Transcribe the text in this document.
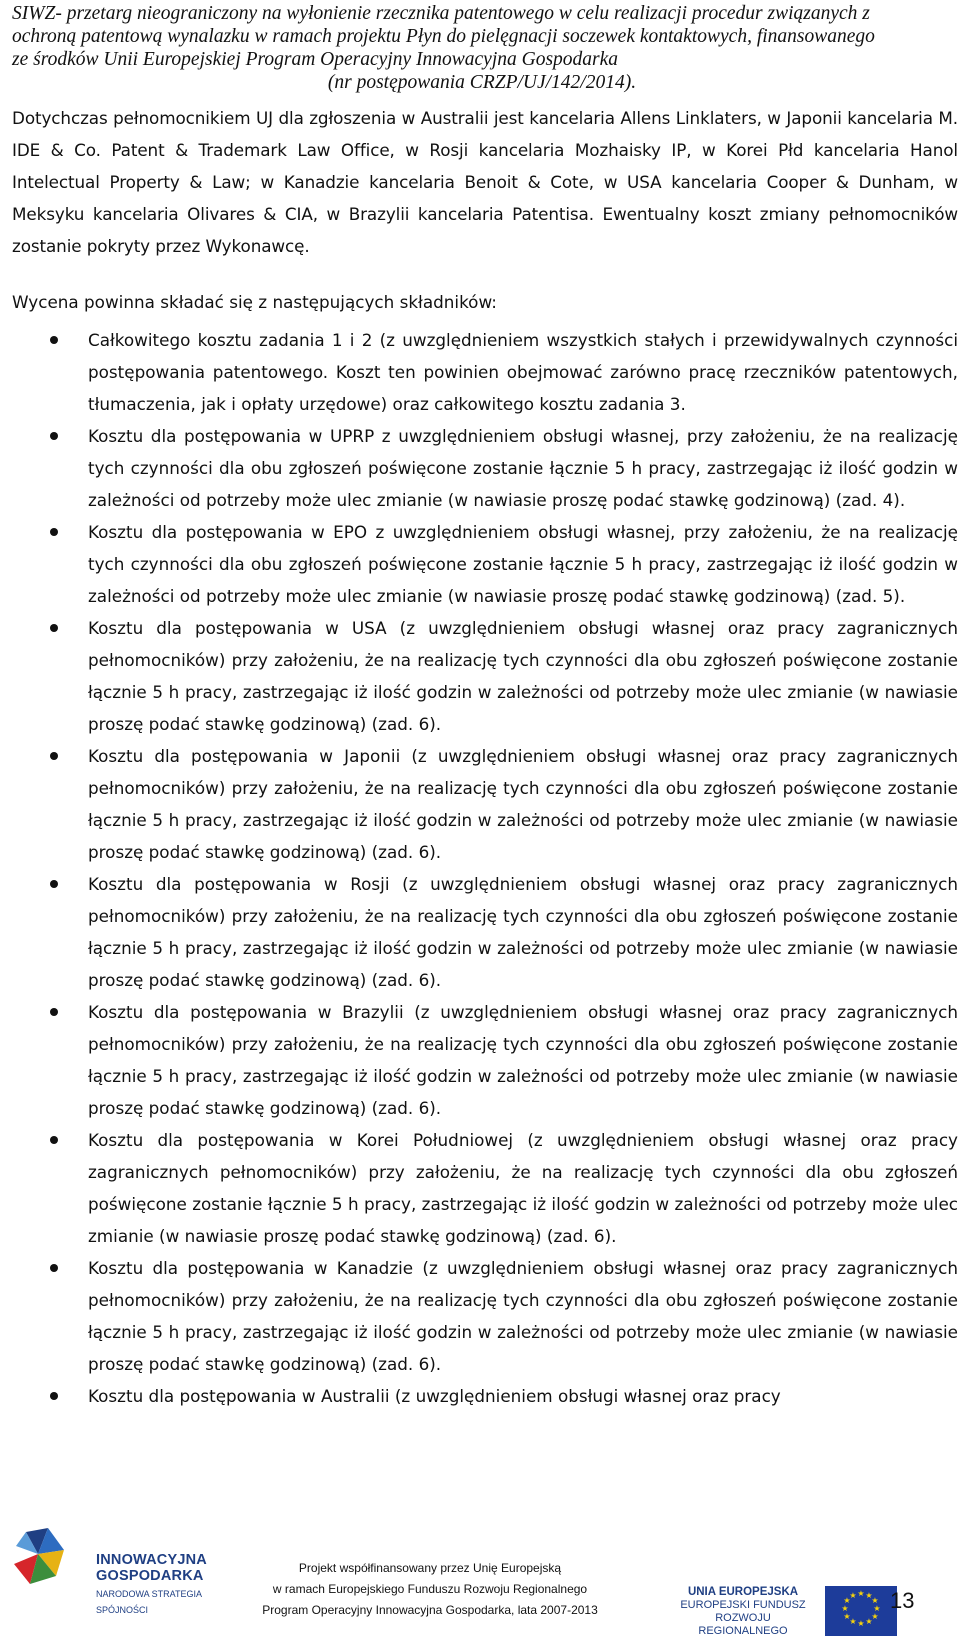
SIWZ- przetarg nieograniczony na wyłonienie rzecznika patentowego w celu realizacji procedur związanych z
ochroną patentową wynalazku w ramach projektu Płyn do pielęgnacji soczewek kontaktowych, finansowanego
ze środków Unii Europejskiej Program Operacyjny Innowacyjna Gospodarka
(nr postępowania CRZP/UJ/142/2014).

Dotychczas pełnomocnikiem UJ dla zgłoszenia w Australii jest kancelaria Allens Linklaters, w Japonii kancelaria M. IDE & Co. Patent & Trademark Law Office, w Rosji kancelaria Mozhaisky IP, w Korei Płd kancelaria Hanol Intelectual Property & Law; w Kanadzie kancelaria Benoit & Cote, w USA kancelaria Cooper & Dunham, w Meksyku kancelaria Olivares & CIA, w Brazylii kancelaria Patentisa. Ewentualny koszt zmiany pełnomocników zostanie pokryty przez Wykonawcę.

Wycena powinna składać się z następujących składników:

Całkowitego kosztu zadania 1 i 2 (z uwzględnieniem wszystkich stałych i przewidywalnych czynności postępowania patentowego. Koszt ten powinien obejmować zarówno pracę rzeczników patentowych, tłumaczenia, jak i opłaty urzędowe) oraz całkowitego kosztu zadania 3.
Kosztu dla postępowania w UPRP z uwzględnieniem obsługi własnej, przy założeniu, że na realizację tych czynności dla obu zgłoszeń poświęcone zostanie łącznie 5 h pracy, zastrzegając iż ilość godzin w zależności od potrzeby może ulec zmianie (w nawiasie proszę podać stawkę godzinową) (zad. 4).
Kosztu dla postępowania w EPO z uwzględnieniem obsługi własnej, przy założeniu, że na realizację tych czynności dla obu zgłoszeń poświęcone zostanie łącznie 5 h pracy, zastrzegając iż ilość godzin w zależności od potrzeby może ulec zmianie (w nawiasie proszę podać stawkę godzinową) (zad. 5).
Kosztu dla postępowania w USA (z uwzględnieniem obsługi własnej oraz pracy zagranicznych pełnomocników) przy założeniu, że na realizację tych czynności dla obu zgłoszeń poświęcone zostanie łącznie 5 h pracy, zastrzegając iż ilość godzin w zależności od potrzeby może ulec zmianie (w nawiasie proszę podać stawkę godzinową) (zad. 6).
Kosztu dla postępowania w Japonii (z uwzględnieniem obsługi własnej oraz pracy zagranicznych pełnomocników) przy założeniu, że na realizację tych czynności dla obu zgłoszeń poświęcone zostanie łącznie 5 h pracy, zastrzegając iż ilość godzin w zależności od potrzeby może ulec zmianie (w nawiasie proszę podać stawkę godzinową) (zad. 6).
Kosztu dla postępowania w Rosji (z uwzględnieniem obsługi własnej oraz pracy zagranicznych pełnomocników) przy założeniu, że na realizację tych czynności dla obu zgłoszeń poświęcone zostanie łącznie 5 h pracy, zastrzegając iż ilość godzin w zależności od potrzeby może ulec zmianie (w nawiasie proszę podać stawkę godzinową) (zad. 6).
Kosztu dla postępowania w Brazylii (z uwzględnieniem obsługi własnej oraz pracy zagranicznych pełnomocników) przy założeniu, że na realizację tych czynności dla obu zgłoszeń poświęcone zostanie łącznie 5 h pracy, zastrzegając iż ilość godzin w zależności od potrzeby może ulec zmianie (w nawiasie proszę podać stawkę godzinową) (zad. 6).
Kosztu dla postępowania w Korei Południowej (z uwzględnieniem obsługi własnej oraz pracy zagranicznych pełnomocników) przy założeniu, że na realizację tych czynności dla obu zgłoszeń poświęcone zostanie łącznie 5 h pracy, zastrzegając iż ilość godzin w zależności od potrzeby może ulec zmianie (w nawiasie proszę podać stawkę godzinową) (zad. 6).
Kosztu dla postępowania w Kanadzie (z uwzględnieniem obsługi własnej oraz pracy zagranicznych pełnomocników) przy założeniu, że na realizację tych czynności dla obu zgłoszeń poświęcone zostanie łącznie 5 h pracy, zastrzegając iż ilość godzin w zależności od potrzeby może ulec zmianie (w nawiasie proszę podać stawkę godzinową) (zad. 6).
Kosztu dla postępowania w Australii (z uwzględnieniem obsługi własnej oraz pracy
INNOWACYJNA
GOSPODARKA
NARODOWA STRATEGIA SPÓJNOŚCI
Projekt współfinansowany przez Unię Europejską
w ramach Europejskiego Funduszu Rozwoju Regionalnego
Program Operacyjny Innowacyjna Gospodarka, lata 2007-2013
UNIA EUROPEJSKA
EUROPEJSKI FUNDUSZ
ROZWOJU REGIONALNEGO
★ ★
★
★
★
★
★
★
★
★
★
★ 13
